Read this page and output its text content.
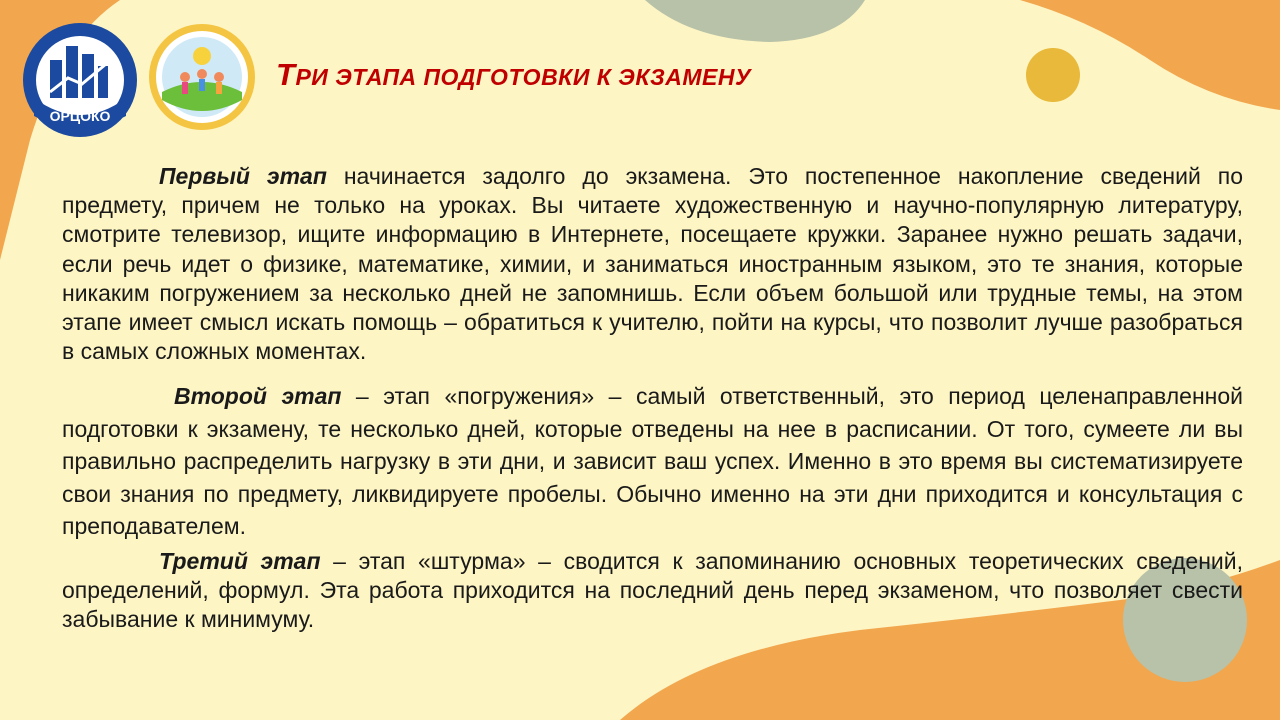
ОРЦОКО
ТРИ ЭТАПА ПОДГОТОВКИ К ЭКЗАМЕНУ

Первый этап начинается задолго до экзамена. Это постепенное накопление сведений по предмету, причем не только на уроках. Вы читаете художественную и научно-популярную литературу, смотрите телевизор, ищите информацию в Интернете, посещаете кружки. Заранее нужно решать задачи, если речь идет о физике, математике, химии, и заниматься иностранным языком, это те знания, которые никаким погружением за несколько дней не запомнишь. Если объем большой или трудные темы, на этом этапе имеет смысл искать помощь – обратиться к учителю, пойти на курсы, что позволит лучше разобраться в самых сложных моментах.

Второй этап – этап «погружения» – самый ответственный, это период целенаправленной подготовки к экзамену, те несколько дней, которые отведены на нее в расписании. От того, сумеете ли вы правильно распределить нагрузку в эти дни, и зависит ваш успех. Именно в это время вы систематизируете свои знания по предмету, ликвидируете пробелы. Обычно именно на эти дни приходится и консультация с преподавателем.

Третий этап – этап «штурма» – сводится к запоминанию основных теоретических сведений, определений, формул. Эта работа приходится на последний день перед экзаменом, что позволяет свести забывание к минимуму.
